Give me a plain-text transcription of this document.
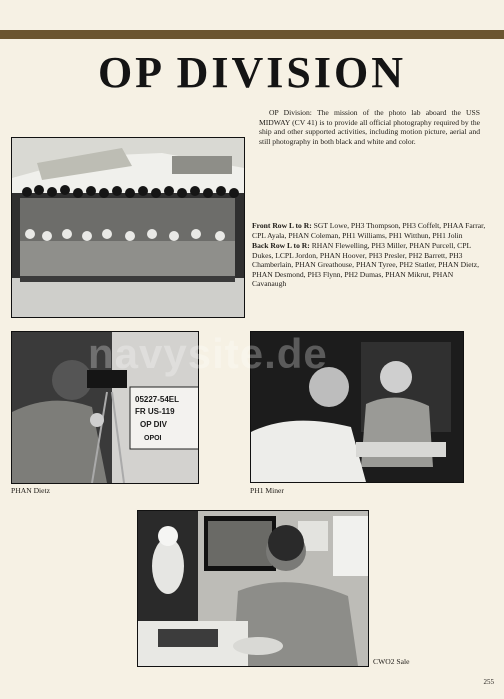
OP DIVISION
OP Division: The mission of the photo lab aboard the USS MIDWAY (CV 41) is to provide all official photography required by the ship and other supported activities, including motion picture, aerial and still photography in both black and white and color.

Front Row L to R: SGT Lowe, PH3 Thompson, PH3 Coffelt, PHAA Farrar, CPL Ayala, PHAN Coleman, PH1 Williams, PH1 Witthun, PH1 Jolin

Back Row L to R: RHAN Flewelling, PH3 Miller, PHAN Purcell, CPL Dukes, LCPL Jordon, PHAN Hoover, PH3 Presler, PH2 Barrett, PH3 Chamberlain, PHAN Greathouse, PHAN Tyree, PH2 Statler, PHAN Dietz, PHAN Desmond, PH3 Flynn, PH2 Dumas, PHAN Mikrut, PHAN Cavanaugh

05227-54EL
FR US-119
OP DIV
OPOI
PHAN Dietz	PH1 Miner
CWO2 Sale
navysite.de
255
